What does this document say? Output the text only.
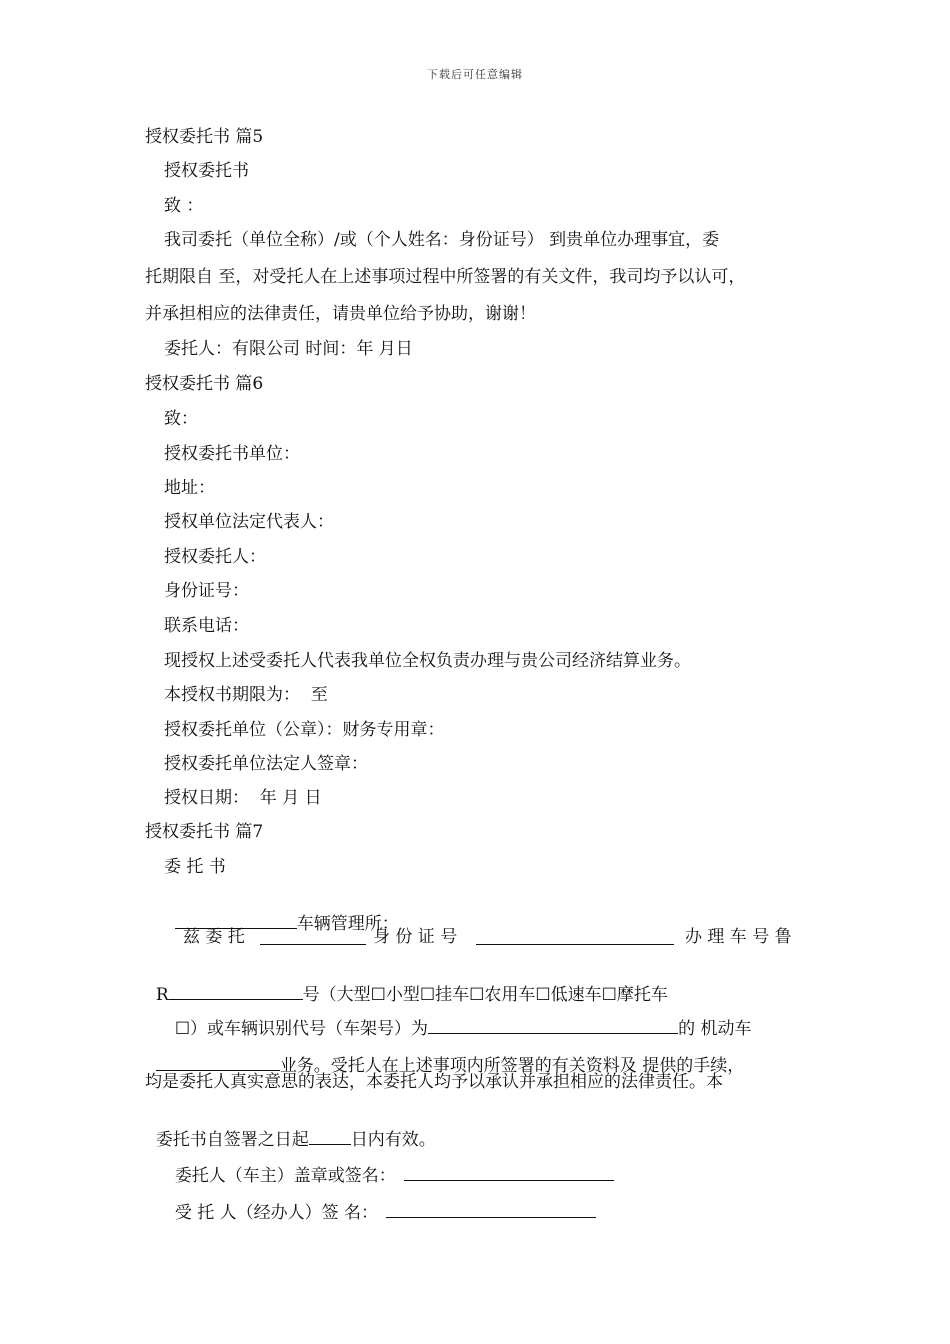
下载后可任意编辑
授权委托书 篇5
授权委托书
致 ：
我司委托（单位全称）/或（个人姓名：身份证号） 到贵单位办理事宜，委
托期限自 至，对受托人在上述事项过程中所签署的有关文件，我司均予以认可，
并承担相应的法律责任，请贵单位给予协助，谢谢！
委托人：有限公司 时间：年 月日
授权委托书 篇6
致：
授权委托书单位：
地址：
授权单位法定代表人：
授权委托人：
身份证号：
联系电话：
现授权上述受委托人代表我单位全权负责办理与贵公司经济结算业务。
本授权书期限为：  至
授权委托单位（公章）：财务专用章：
授权委托单位法定人签章：
授权日期：  年 月 日
授权委托书 篇7
委 托 书

车辆管理所：

兹 委 托	身 份 证 号	办 理 车 号 鲁

R	号（大型☐小型☐挂车☐农用车☐低速车☐摩托车

☐）或车辆识别代号（车架号）为	的 机动车

业务。受托人在上述事项内所签署的有关资料及 提供的手续，

均是委托人真实意思的表达，本委托人均予以承认并承担相应的法律责任。本

委托书自签署之日起 日内有效。

委托人（车主）盖章或签名：

受 托 人（经办人）签 名：
